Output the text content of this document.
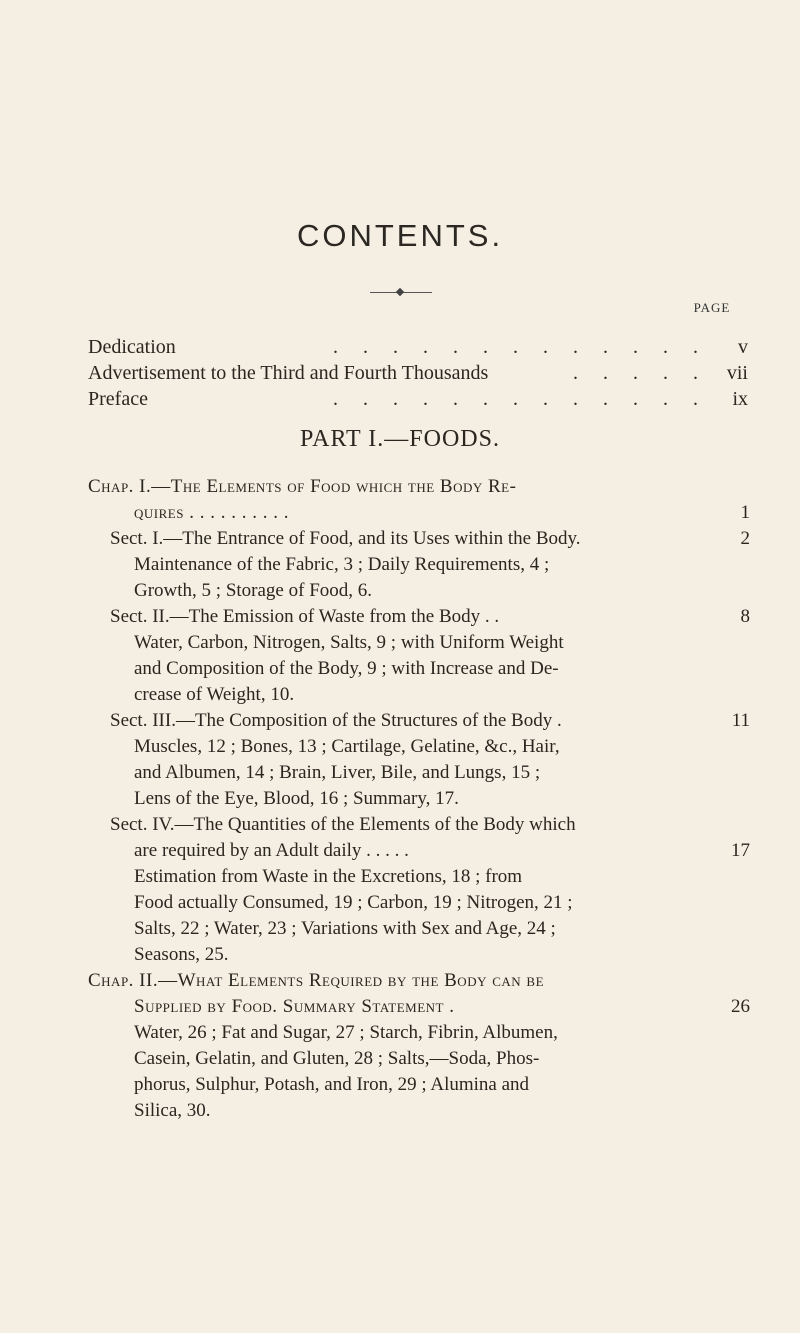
CONTENTS.
PAGE
Dedication	. . . . . . . . . . . . .	v
Advertisement to the Third and Fourth Thousands	. . . . . vii
Preface	. . . . . . . . . . . . .	ix
PART I.—FOODS.
Chap. I.—The Elements of Food which the Body Re-
quires . . . . . . . . . .	1
Sect. I.—The Entrance of Food, and its Uses within the Body.	2
Maintenance of the Fabric, 3 ; Daily Requirements, 4 ;
Growth, 5 ; Storage of Food, 6.
Sect. II.—The Emission of Waste from the Body . .	8
Water, Carbon, Nitrogen, Salts, 9 ; with Uniform Weight
and Composition of the Body, 9 ; with Increase and De-
crease of Weight, 10.
Sect. III.—The Composition of the Structures of the Body .	11
Muscles, 12 ; Bones, 13 ; Cartilage, Gelatine, &c., Hair,
and Albumen, 14 ; Brain, Liver, Bile, and Lungs, 15 ;
Lens of the Eye, Blood, 16 ; Summary, 17.
Sect. IV.—The Quantities of the Elements of the Body which
are required by an Adult daily . . . . .	17
Estimation from Waste in the Excretions, 18 ; from
Food actually Consumed, 19 ; Carbon, 19 ; Nitrogen, 21 ;
Salts, 22 ; Water, 23 ; Variations with Sex and Age, 24 ;
Seasons, 25.
Chap. II.—What Elements Required by the Body can be
Supplied by Food. Summary Statement .	26
Water, 26 ; Fat and Sugar, 27 ; Starch, Fibrin, Albumen,
Casein, Gelatin, and Gluten, 28 ; Salts,—Soda, Phos-
phorus, Sulphur, Potash, and Iron, 29 ; Alumina and
Silica, 30.
